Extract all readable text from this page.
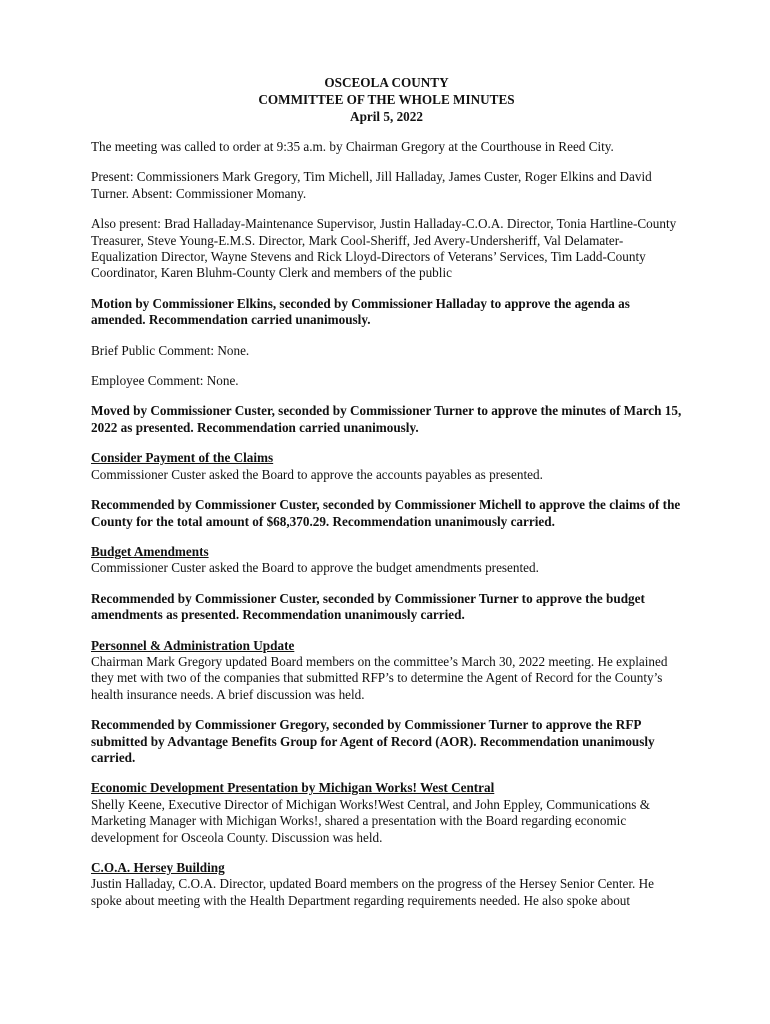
OSCEOLA COUNTY
COMMITTEE OF THE WHOLE MINUTES
April 5, 2022

The meeting was called to order at 9:35 a.m. by Chairman Gregory at the Courthouse in Reed City.

Present: Commissioners Mark Gregory, Tim Michell, Jill Halladay, James Custer, Roger Elkins and David Turner. Absent: Commissioner Momany.

Also present: Brad Halladay-Maintenance Supervisor, Justin Halladay-C.O.A. Director, Tonia Hartline-County Treasurer, Steve Young-E.M.S. Director, Mark Cool-Sheriff, Jed Avery-Undersheriff, Val Delamater-Equalization Director, Wayne Stevens and Rick Lloyd-Directors of Veterans’ Services, Tim Ladd-County Coordinator, Karen Bluhm-County Clerk and members of the public

Motion by Commissioner Elkins, seconded by Commissioner Halladay to approve the agenda as amended. Recommendation carried unanimously.

Brief Public Comment: None.

Employee Comment: None.

Moved by Commissioner Custer, seconded by Commissioner Turner to approve the minutes of March 15, 2022 as presented. Recommendation carried unanimously.

Consider Payment of the Claims
Commissioner Custer asked the Board to approve the accounts payables as presented.

Recommended by Commissioner Custer, seconded by Commissioner Michell to approve the claims of the County for the total amount of $68,370.29. Recommendation unanimously carried.

Budget Amendments
Commissioner Custer asked the Board to approve the budget amendments presented.

Recommended by Commissioner Custer, seconded by Commissioner Turner to approve the budget amendments as presented. Recommendation unanimously carried.

Personnel & Administration Update
Chairman Mark Gregory updated Board members on the committee’s March 30, 2022 meeting. He explained they met with two of the companies that submitted RFP’s to determine the Agent of Record for the County’s health insurance needs. A brief discussion was held.

Recommended by Commissioner Gregory, seconded by Commissioner Turner to approve the RFP submitted by Advantage Benefits Group for Agent of Record (AOR). Recommendation unanimously carried.

Economic Development Presentation by Michigan Works! West Central
Shelly Keene, Executive Director of Michigan Works!West Central, and John Eppley, Communications & Marketing Manager with Michigan Works!, shared a presentation with the Board regarding economic development for Osceola County. Discussion was held.
C.O.A. Hersey Building
Justin Halladay, C.O.A. Director, updated Board members on the progress of the Hersey Senior Center. He spoke about meeting with the Health Department regarding requirements needed. He also spoke about
